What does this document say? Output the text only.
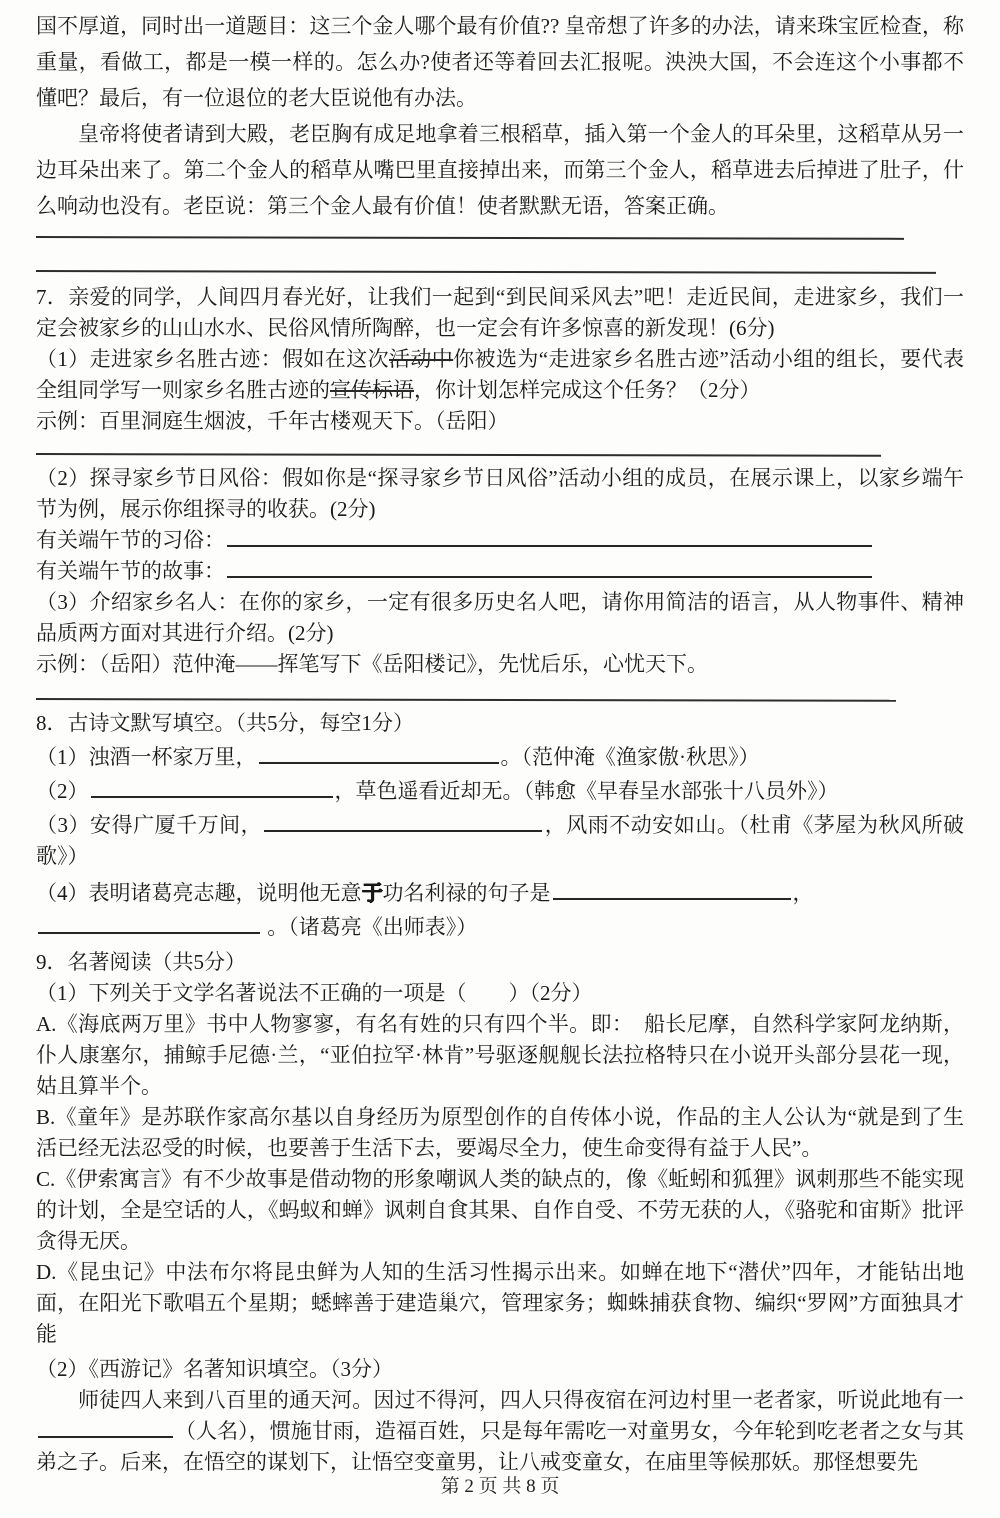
国不厚道，同时出一道题目：这三个金人哪个最有价值?? 皇帝想了许多的办法，请来珠宝匠检查，称重量，看做工，都是一模一样的。怎么办?使者还等着回去汇报呢。泱泱大国，不会连这个小事都不懂吧？最后，有一位退位的老大臣说他有办法。
皇帝将使者请到大殿，老臣胸有成足地拿着三根稻草，插入第一个金人的耳朵里，这稻草从另一边耳朵出来了。第二个金人的稻草从嘴巴里直接掉出来，而第三个金人，稻草进去后掉进了肚子，什么响动也没有。老臣说：第三个金人最有价值！使者默默无语，答案正确。
7．亲爱的同学，人间四月春光好，让我们一起到“到民间采风去”吧！走近民间，走进家乡，我们一定会被家乡的山山水水、民俗风情所陶醉，也一定会有许多惊喜的新发现！(6分)
（1）走进家乡名胜古迹：假如在这次活动中你被选为“走进家乡名胜古迹”活动小组的组长，要代表全组同学写一则家乡名胜古迹的宣传标语，你计划怎样完成这个任务？（2分）
示例：百里洞庭生烟波，千年古楼观天下。（岳阳）
（2）探寻家乡节日风俗：假如你是“探寻家乡节日风俗”活动小组的成员，在展示课上，以家乡端午节为例，展示你组探寻的收获。(2分)
有关端午节的习俗：
有关端午节的故事：
（3）介绍家乡名人：在你的家乡，一定有很多历史名人吧，请你用简洁的语言，从人物事件、精神品质两方面对其进行介绍。(2分)
示例：（岳阳）范仲淹——挥笔写下《岳阳楼记》，先忧后乐，心忧天下。
8．古诗文默写填空。（共5分，每空1分）
（1）浊酒一杯家万里，	。（范仲淹《渔家傲·秋思》）
（2）	，草色遥看近却无。（韩愈《早春呈水部张十八员外》）
（3）安得广厦千万间，	，风雨不动安如山。（杜甫《茅屋为秋风所破歌》）
（4）表明诸葛亮志趣，说明他无意于功名利禄的句子是	，
。（诸葛亮《出师表》）
9．名著阅读（共5分）
（1）下列关于文学名著说法不正确的一项是（　　）（2分）
A.《海底两万里》书中人物寥寥，有名有姓的只有四个半。即：　船长尼摩，自然科学家阿龙纳斯，仆人康塞尔，捕鲸手尼德·兰，“亚伯拉罕·林肯”号驱逐舰舰长法拉格特只在小说开头部分昙花一现，姑且算半个。
B.《童年》是苏联作家高尔基以自身经历为原型创作的自传体小说，作品的主人公认为“就是到了生活已经无法忍受的时候，也要善于生活下去，要竭尽全力，使生命变得有益于人民”。
C.《伊索寓言》有不少故事是借动物的形象嘲讽人类的缺点的，像《蚯蚓和狐狸》讽刺那些不能实现的计划，全是空话的人，《蚂蚁和蝉》讽刺自食其果、自作自受、不劳无获的人，《骆驼和宙斯》批评贪得无厌。
D.《昆虫记》中法布尔将昆虫鲜为人知的生活习性揭示出来。如蝉在地下“潜伏”四年，才能钻出地面，在阳光下歌唱五个星期；蟋蟀善于建造巢穴，管理家务；蜘蛛捕获食物、编织“罗网”方面独具才能
（2）《西游记》名著知识填空。（3分）
师徒四人来到八百里的通天河。因过不得河，四人只得夜宿在河边村里一老者家，听说此地有一（人名），惯施甘雨，造福百姓，只是每年需吃一对童男女，今年轮到吃老者之女与其弟之子。后来，在悟空的谋划下，让悟空变童男，让八戒变童女，在庙里等候那妖。那怪想要先
第 2 页 共 8 页
